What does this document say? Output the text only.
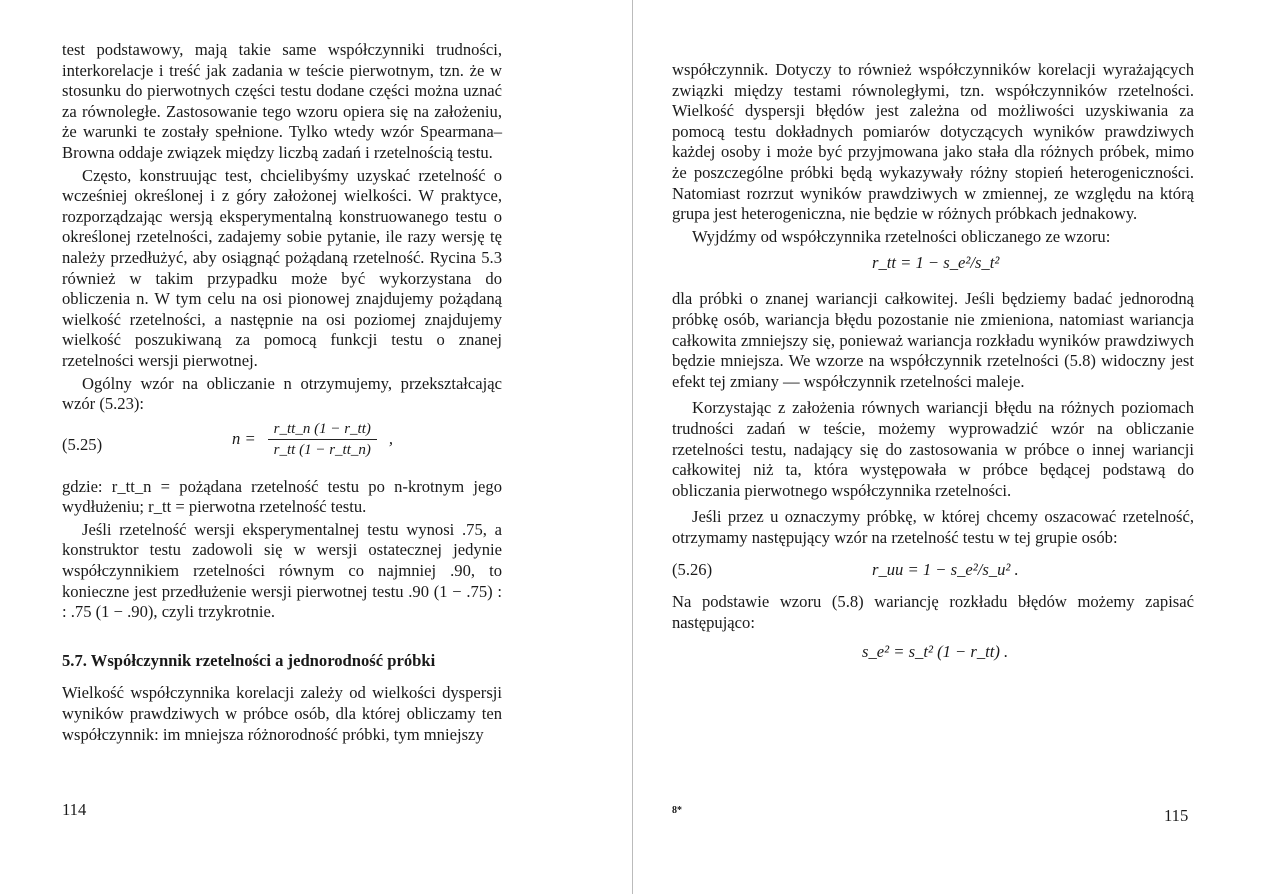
test podstawowy, mają takie same współczynniki trudności, interkorelacje i treść jak zadania w teście pierwotnym, tzn. że w stosunku do pierwotnych części testu dodane części można uznać za równoległe. Zastosowanie tego wzoru opiera się na założeniu, że warunki te zostały spełnione. Tylko wtedy wzór Spearmana–Browna oddaje związek między liczbą zadań i rzetelnością testu.

Często, konstruując test, chcielibyśmy uzyskać rzetelność o wcześniej określonej i z góry założonej wielkości. W praktyce, rozporządzając wersją eksperymentalną konstruowanego testu o określonej rzetelności, zadajemy sobie pytanie, ile razy wersję tę należy przedłużyć, aby osiągnąć pożądaną rzetelność. Rycina 5.3 również w takim przypadku może być wykorzystana do obliczenia n. W tym celu na osi pionowej znajdujemy pożądaną wielkość rzetelności, a następnie na osi poziomej znajdujemy wielkość poszukiwaną za pomocą funkcji testu o znanej rzetelności wersji pierwotnej.

Ogólny wzór na obliczanie n otrzymujemy, przekształcając wzór (5.23):

(5.25)	$n = \frac{r\_tt\_n (1 - r\_tt)}{r\_tt (1 - r\_tt\_n)}$ ,

gdzie: r_tt_n = pożądana rzetelność testu po n-krotnym jego wydłużeniu; r_tt = pierwotna rzetelność testu.

Jeśli rzetelność wersji eksperymentalnej testu wynosi .75, a konstruktor testu zadowoli się w wersji ostatecznej jedynie współczynnikiem rzetelności równym co najmniej .90, to konieczne jest przedłużenie wersji pierwotnej testu .90 (1 − .75) : : .75 (1 − .90), czyli trzykrotnie.

5.7. Współczynnik rzetelności a jednorodność próbki

Wielkość współczynnika korelacji zależy od wielkości dyspersji wyników prawdziwych w próbce osób, dla której obliczamy ten współczynnik: im mniejsza różnorodność próbki, tym mniejszy

114

współczynnik. Dotyczy to również współczynników korelacji wyrażających związki między testami równoległymi, tzn. współczynników rzetelności. Wielkość dyspersji błędów jest zależna od możliwości uzyskiwania za pomocą testu dokładnych pomiarów dotyczących wyników prawdziwych każdej osoby i może być przyjmowana jako stała dla różnych próbek, mimo że poszczególne próbki będą wykazywały różny stopień heterogeniczności. Natomiast rozrzut wyników prawdziwych w zmiennej, ze względu na którą grupa jest heterogeniczna, nie będzie w różnych próbkach jednakowy.

Wyjdźmy od współczynnika rzetelności obliczanego ze wzoru:

r_tt = 1 − s_e²/s_t²

dla próbki o znanej wariancji całkowitej. Jeśli będziemy badać jednorodną próbkę osób, wariancja błędu pozostanie nie zmieniona, natomiast wariancja całkowita zmniejszy się, ponieważ wariancja rozkładu wyników prawdziwych będzie mniejsza. We wzorze na współczynnik rzetelności (5.8) widoczny jest efekt tej zmiany — współczynnik rzetelności maleje.

Korzystając z założenia równych wariancji błędu na różnych poziomach trudności zadań w teście, możemy wyprowadzić wzór na obliczanie rzetelności testu, nadający się do zastosowania w próbce o innej wariancji całkowitej niż ta, która występowała w próbce będącej podstawą do obliczania pierwotnego współczynnika rzetelności.

Jeśli przez u oznaczymy próbkę, w której chcemy oszacować rzetelność, otrzymamy następujący wzór na rzetelność testu w tej grupie osób:

(5.26)	r_uu = 1 − s_e²/s_u² .

Na podstawie wzoru (5.8) wariancję rozkładu błędów możemy zapisać następująco:

s_e² = s_t² (1 − r_tt) .
8*	115
